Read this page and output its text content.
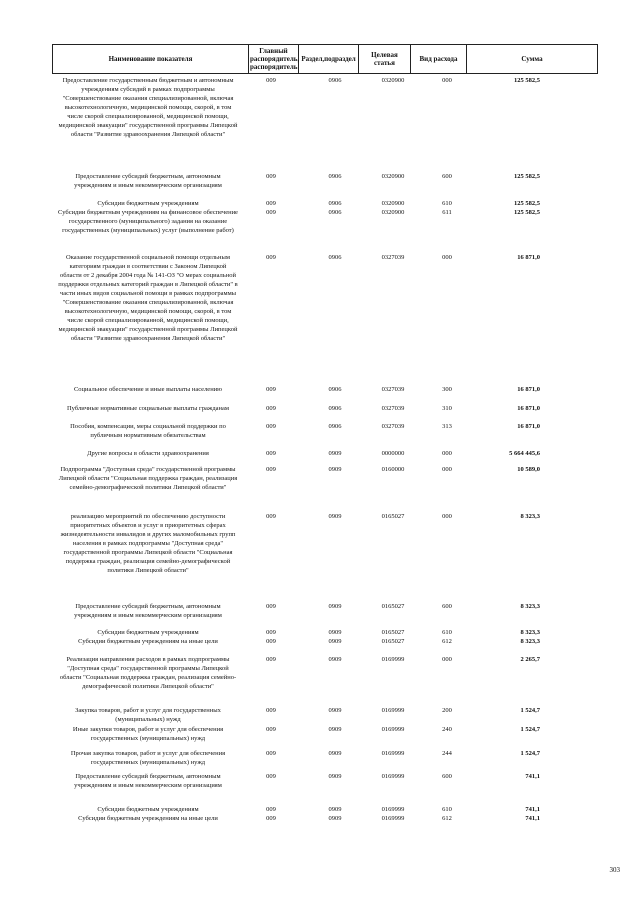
Наименование показателя	Главный распорядитель, распорядитель	Раздел,подраздел	Целевая статья	Вид расхода	Сумма
Предоставление государственным бюджетным и автономным учреждениям субсидий в рамках подпрограммы "Совершенствование оказания специализированной, включая высокотехнологичную, медицинской помощи, скорой, в том числе скорой специализированной, медицинской помощи, медицинской эвакуации" государственной программы Липецкой области "Развитие здравоохранения Липецкой области"
009	0906	0320900	000	125 582,5
Предоставление субсидий бюджетным, автономным учреждениям и иным некоммерческим организациям
009	0906	0320900	600	125 582,5
Субсидии бюджетным учреждениям	009	0906	0320900	610	125 582,5
Субсидии бюджетным учреждениям на финансовое обеспечение государственного (муниципального) задания на оказание государственных (муниципальных) услуг (выполнение работ)
009	0906	0320900	611	125 582,5
Оказание государственной социальной помощи отдельным категориям граждан в соответствии с Законом Липецкой области от 2 декабря 2004 года № 141-ОЗ "О мерах социальной поддержки отдельных категорий граждан в Липецкой области" в части иных видов социальной помощи в рамках подпрограммы "Совершенствование оказания специализированной, включая высокотехнологичную, медицинской помощи, скорой, в том числе скорой специализированной, медицинской помощи, медицинской эвакуации" государственной программы Липецкой области "Развитие здравоохранения Липецкой области"
009	0906	0327039	000	16 871,0
Социальное обеспечение и иные выплаты населению	009	0906	0327039	300	16 871,0
Публичные нормативные социальные выплаты гражданам	009	0906	0327039	310	16 871,0
Пособия, компенсации, меры социальной поддержки по публичным нормативным обязательствам
009	0906	0327039	313	16 871,0
Другие вопросы в области здравоохранения	009	0909	0000000	000	5 664 445,6
Подпрограмма "Доступная среда" государственной программы Липецкой области "Социальная поддержка граждан, реализация семейно-демографической политики Липецкой области"
009	0909	0160000	000	10 589,0
реализацию мероприятий по обеспечению доступности приоритетных объектов и услуг в приоритетных сферах жизнедеятельности инвалидов и других маломобильных групп населения в рамках подпрограммы "Доступная среда" государственной программы Липецкой области "Социальная поддержка граждан, реализация семейно-демографической политики Липецкой области"
009	0909	0165027	000	8 323,3
Предоставление субсидий бюджетным, автономным учреждениям и иным некоммерческим организациям
009	0909	0165027	600	8 323,3
Субсидии бюджетным учреждениям	009	0909	0165027	610	8 323,3
Субсидии бюджетным учреждениям на иные цели	009	0909	0165027	612	8 323,3
Реализация направления расходов в рамках подпрограммы "Доступная среда" государственной программы Липецкой области "Социальная поддержка граждан, реализация семейно-демографической политики Липецкой области"
009	0909	0169999	000	2 265,7
Закупка товаров, работ и услуг для государственных (муниципальных) нужд
009	0909	0169999	200	1 524,7
Иные закупки товаров, работ и услуг для обеспечения государственных (муниципальных) нужд
009	0909	0169999	240	1 524,7
Прочая закупка товаров, работ и услуг для обеспечения государственных (муниципальных) нужд
009	0909	0169999	244	1 524,7
Предоставление субсидий бюджетным, автономным учреждениям и иным некоммерческим организациям
009	0909	0169999	600	741,1
Субсидии бюджетным учреждениям	009	0909	0169999	610	741,1
Субсидии бюджетным учреждениям на иные цели	009	0909	0169999	612	741,1
303
